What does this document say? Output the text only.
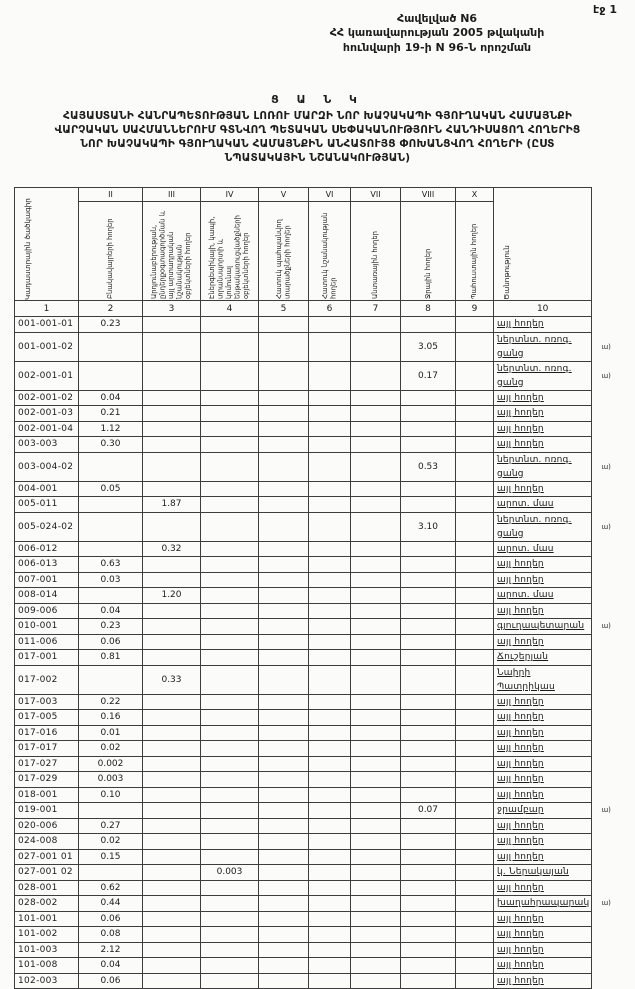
էջ 1
Հավելված N6
ՀՀ կառավարության 2005 թվականի
հունվարի 19-ի N 96-Ն որոշման
Ց Ա Ն Կ
ՀԱՅԱՍՏԱՆԻ ՀԱՆՐԱՊԵՏՈՒԹՅԱՆ ԼՈՌՈՒ ՄԱՐԶԻ ՆՈՐ ԽԱՉԱԿԱՊԻ ԳՅՈՒՂԱԿԱՆ ՀԱՄԱՅՆՔԻ
ՎԱՐՉԱԿԱՆ ՍԱՀՄԱՆՆԵՐՈՒՄ ԳՏՆՎՈՂ ՊԵՏԱԿԱՆ ՍԵՓԱԿԱՆՈՒԹՅՈՒՆ ՀԱՆԴԻՍԱՑՈՂ ՀՈՂԵՐԻՑ
ՆՈՐ ԽԱՉԱԿԱՊԻ ԳՅՈՒՂԱԿԱՆ ՀԱՄԱՅՆՔԻՆ ԱՆՀԱՏՈՒՅՑ ՓՈԽԱՆՑՎՈՂ ՀՈՂԵՐԻ (ԸՍՏ
ՆՊԱՏԱԿԱՅԻՆ ՆՇԱՆԱԿՈՒԹՅԱՆ)
Կադաստրային ծածկագիր	II	III	IV	V	VI	VII	VIII	X	Ծանոթություն	

	Բնակավայրերի հողեր	Արդյունաբերության, ընդերքօգտագործման և այլ արտադրական նշանակության օբյեկտների հողեր	Էներգետիկայի, կապի, տրանսպորտի և կոմունալ ենթակառուցվածքների օբյեկտների հողեր	Հատուկ պահպանվող տարածքների հողեր	Հատուկ նշանակության հողեր	Անտառային հողեր	Ջրային հողեր	Պահուստային հողեր		

1	2	3	4	5	6	7	8	9	10	
001-001-01	0.23								այլ հողեր	
001-001-02							3.05		ներտնտ. ոռոգ. ցանց	ա)
002-001-01							0.17		ներտնտ. ոռոգ. ցանց	ա)
002-001-02	0.04								այլ հողեր	
002-001-03	0.21								այլ հողեր	
002-001-04	1.12								այլ հողեր	
003-003	0.30								այլ հողեր	
003-004-02							0.53		ներտնտ. ոռոգ. ցանց	ա)
004-001	0.05								այլ հողեր	
005-011		1.87							արոտ. մաս	
005-024-02							3.10		ներտնտ. ոռոգ. ցանց	ա)
006-012		0.32							արոտ. մաս	
006-013	0.63								այլ հողեր	
007-001	0.03								այլ հողեր	
008-014		1.20							արոտ. մաս	
009-006	0.04								այլ հողեր	
010-001	0.23								գյուղապետարան	ա)
011-006	0.06								այլ հողեր	
017-001	0.81								Ճուշերյան	
017-002		0.33							Նաիրի Պատրիկաս	
017-003	0.22								այլ հողեր	
017-005	0.16								այլ հողեր	
017-016	0.01								այլ հողեր	
017-017	0.02								այլ հողեր	
017-027	0.002								այլ հողեր	
017-029	0.003								այլ հողեր	
018-001	0.10								այլ հողեր	
019-001							0.07		ջրամբար	ա)
020-006	0.27								այլ հողեր	
024-008	0.02								այլ հողեր	
027-001 01	0.15								այլ հողեր	
027-001 02			0.003						կ. Ներակայան	
028-001	0.62								այլ հողեր	
028-002	0.44								խաղահրապարակ	ա)
101-001	0.06								այլ հողեր	
101-002	0.08								այլ հողեր	
101-003	2.12								այլ հողեր	
101-008	0.04								այլ հողեր	
102-003	0.06								այլ հողեր	
